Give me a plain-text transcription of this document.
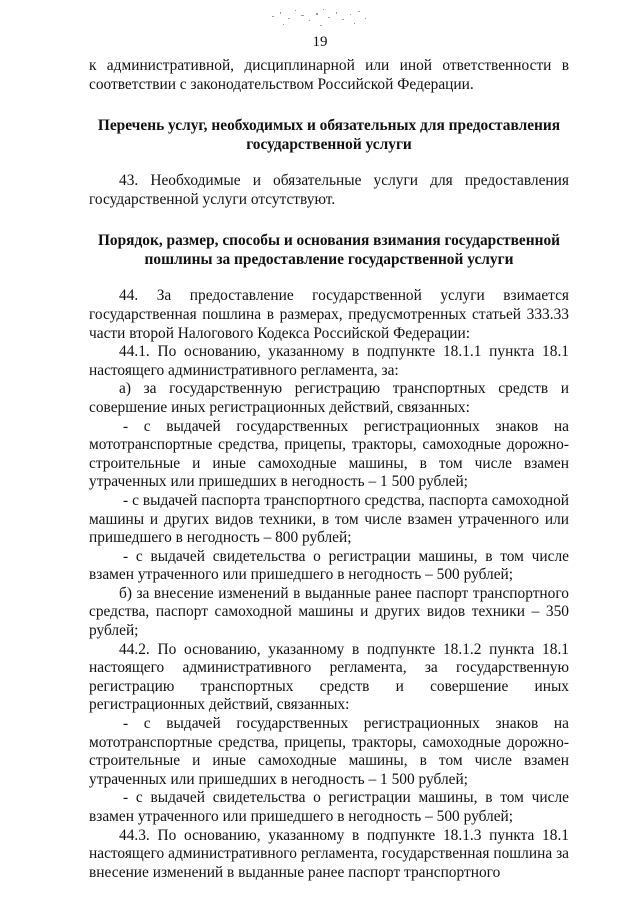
19

к административной, дисциплинарной или иной ответственности в соответствии с законодательством Российской Федерации.

Перечень услуг, необходимых и обязательных для предоставления государственной услуги

43. Необходимые и обязательные услуги для предоставления государственной услуги отсутствуют.

Порядок, размер, способы и основания взимания государственной пошлины за предоставление государственной услуги

44. За предоставление государственной услуги взимается государственная пошлина в размерах, предусмотренных статьей 333.33 части второй Налогового Кодекса Российской Федерации:

44.1. По основанию, указанному в подпункте 18.1.1 пункта 18.1 настоящего административного регламента, за:

а) за государственную регистрацию транспортных средств и совершение иных регистрационных действий, связанных:

- с выдачей государственных регистрационных знаков на мототранспортные средства, прицепы, тракторы, самоходные дорожно-строительные и иные самоходные машины, в том числе взамен утраченных или пришедших в негодность – 1 500 рублей;

- с выдачей паспорта транспортного средства, паспорта самоходной машины и других видов техники, в том числе взамен утраченного или пришедшего в негодность – 800 рублей;

- с выдачей свидетельства о регистрации машины, в том числе взамен утраченного или пришедшего в негодность – 500 рублей;

б) за внесение изменений в выданные ранее паспорт транспортного средства, паспорт самоходной машины и других видов техники – 350 рублей;

44.2. По основанию, указанному в подпункте 18.1.2 пункта 18.1 настоящего административного регламента, за государственную регистрацию транспортных средств и совершение иных регистрационных действий, связанных:

- с выдачей государственных регистрационных знаков на мототранспортные средства, прицепы, тракторы, самоходные дорожно-строительные и иные самоходные машины, в том числе взамен утраченных или пришедших в негодность – 1 500 рублей;

- с выдачей свидетельства о регистрации машины, в том числе взамен утраченного или пришедшего в негодность – 500 рублей;

44.3. По основанию, указанному в подпункте 18.1.3 пункта 18.1 настоящего административного регламента, государственная пошлина за внесение изменений в выданные ранее паспорт транспортного
